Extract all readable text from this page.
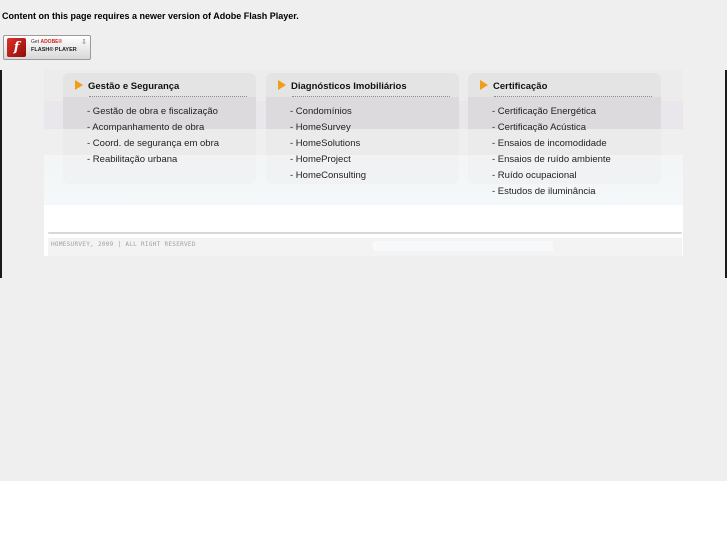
Content on this page requires a newer version of Adobe Flash Player.
f	Get ADOBE®
FLASH® PLAYER
⇩
Gestão e Segurança
- Gestão de obra e fiscalização
- Acompanhamento de obra
- Coord. de segurança em obra
- Reabilitação urbana
Diagnósticos Imobiliários
- Condomínios
- HomeSurvey
- HomeSolutions
- HomeProject
- HomeConsulting
Certificação
- Certificação Energética
- Certificação Acústica
- Ensaios de incomodidade
- Ensaios de ruído ambiente
- Ruído ocupacional
- Estudos de iluminância
HOMESURVEY, 2009 | ALL RIGHT RESERVED
